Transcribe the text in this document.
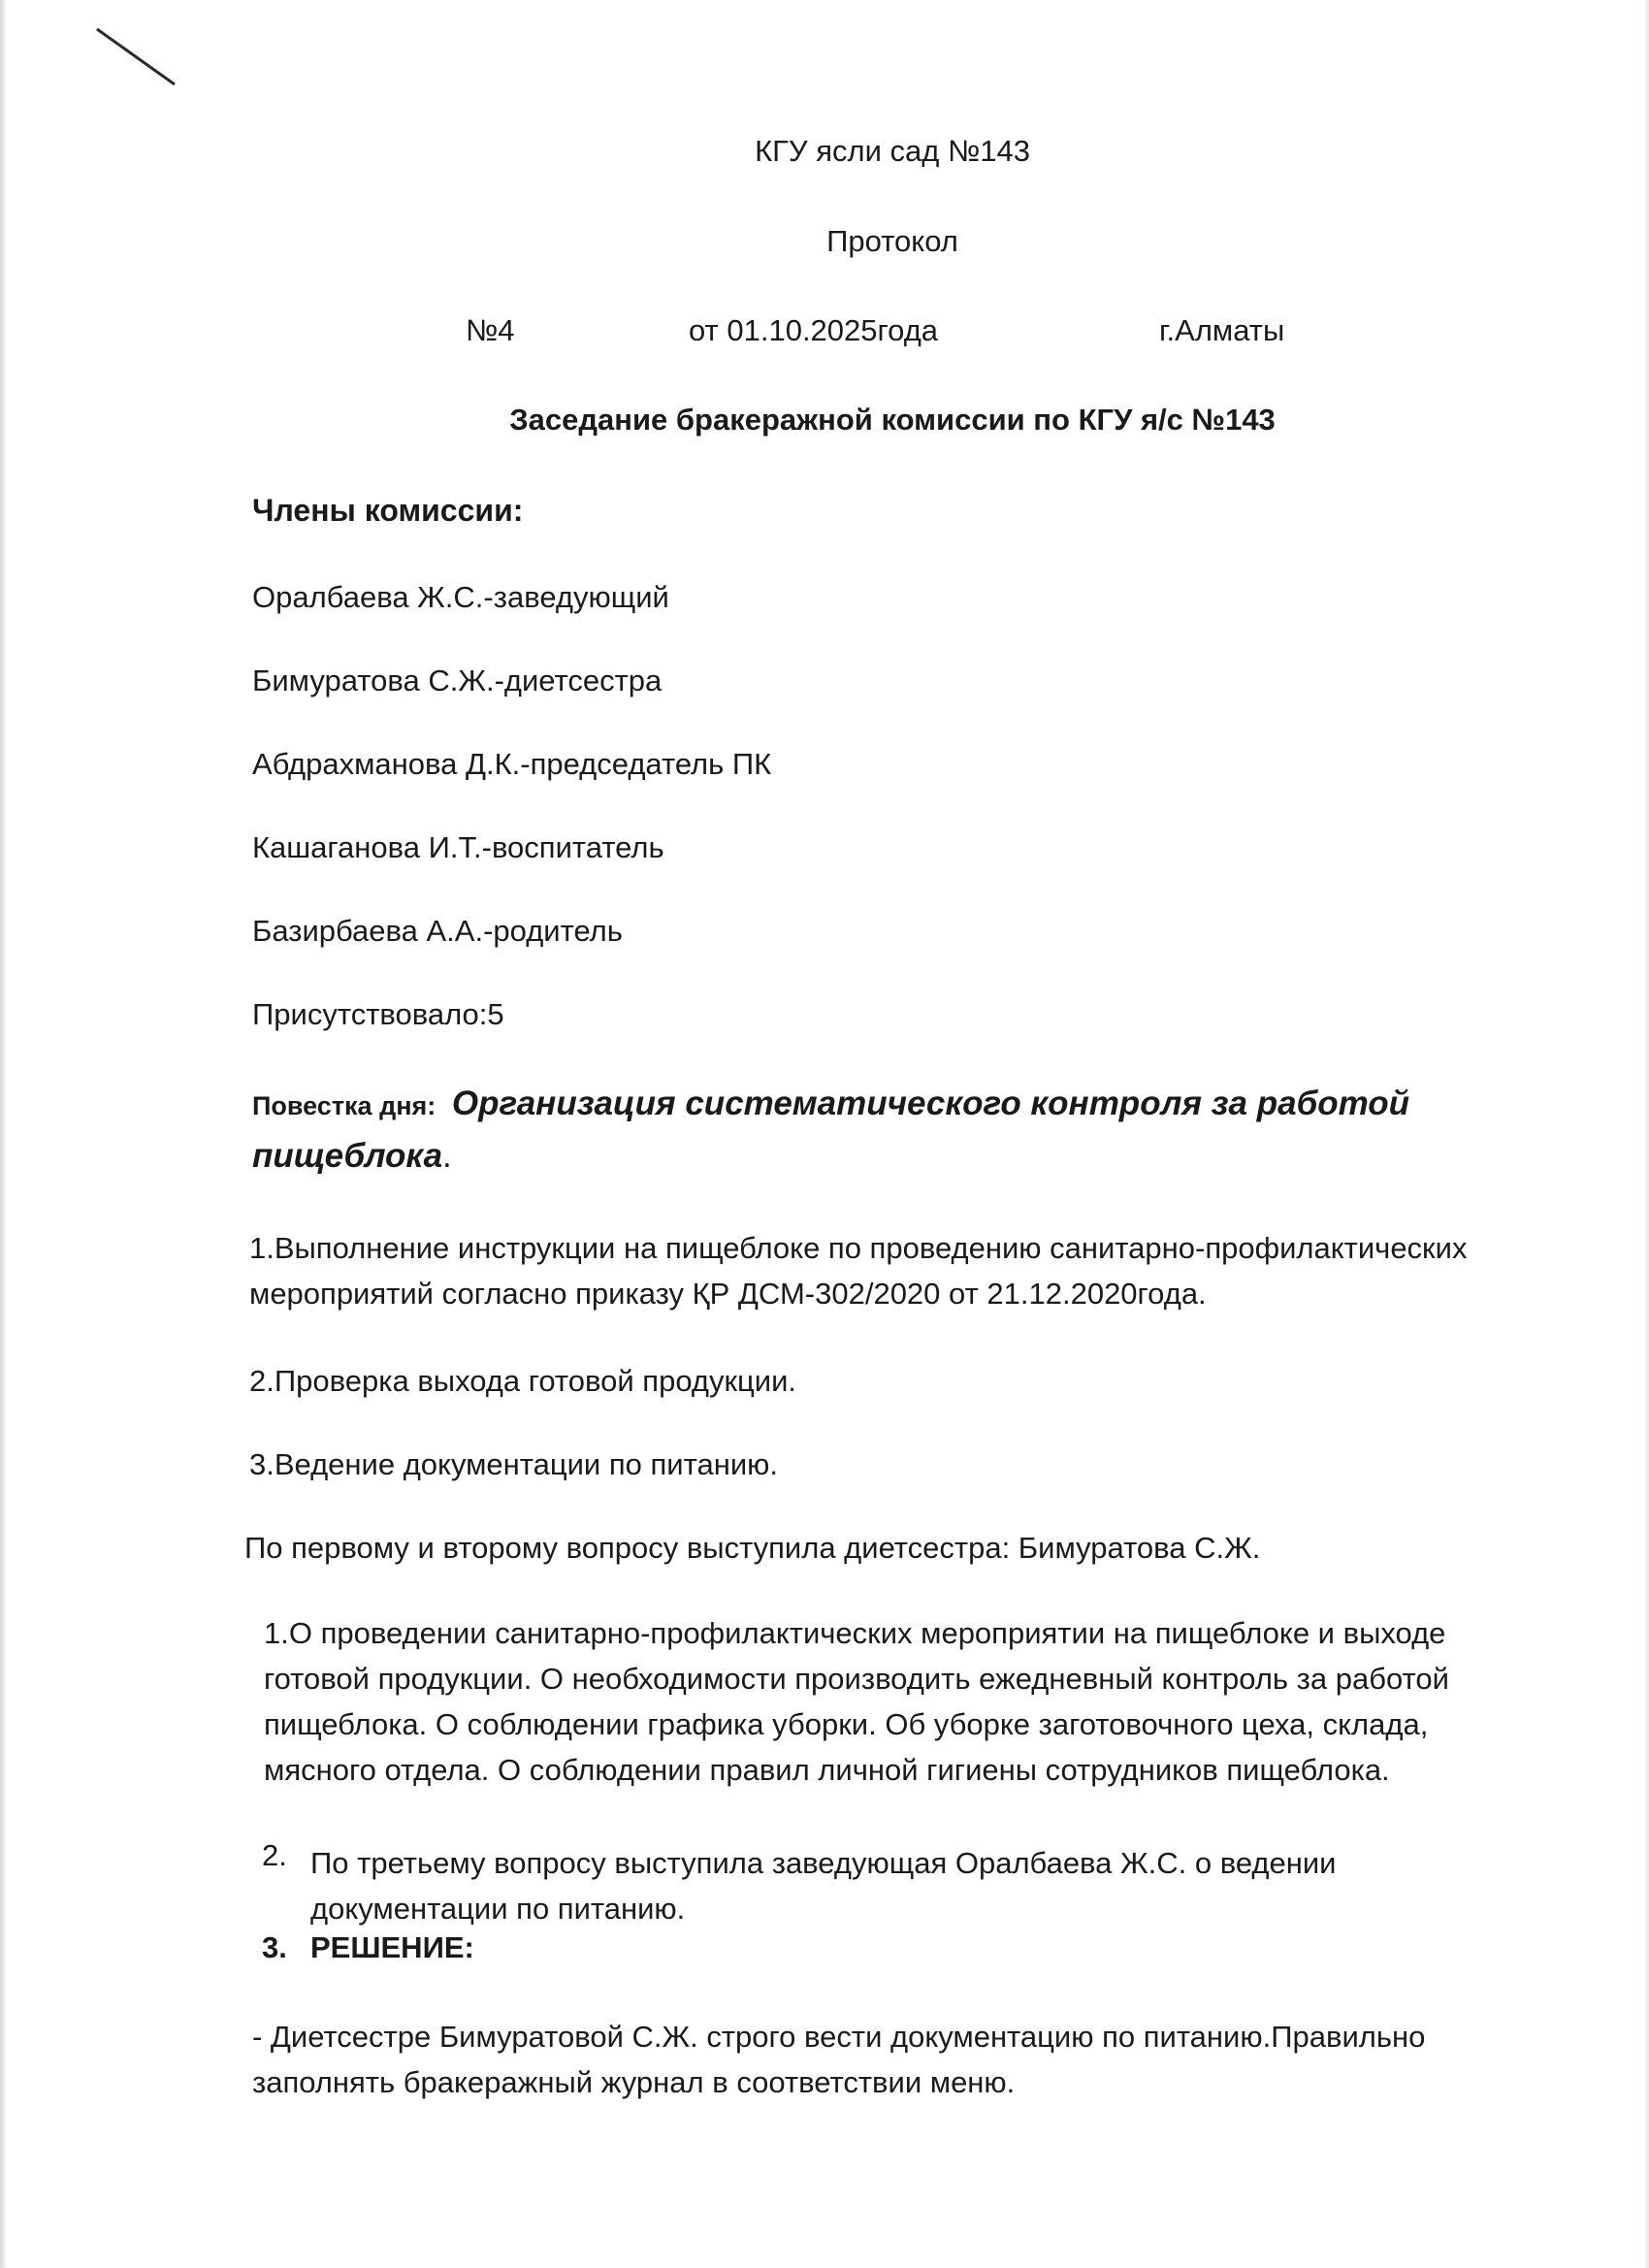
КГУ ясли сад №143
Протокол
№4	от 01.10.2025года	г.Алматы
Заседание бракеражной комиссии по КГУ я/с №143
Члены комиссии:
Оралбаева Ж.С.-заведующий
Бимуратова С.Ж.-диетсестра
Абдрахманова Д.К.-председатель ПК
Кашаганова И.Т.-воспитатель
Базирбаева А.А.-родитель
Присутствовало:5
Повестка дня: Организация систематического контроля за работой
пищеблока.
1.Выполнение инструкции на пищеблоке по проведению санитарно-профилактических мероприятий согласно приказу ҚР ДСМ-302/2020 от 21.12.2020года.
2.Проверка выхода готовой продукции.
3.Ведение документации по питанию.
По первому и второму вопросу выступила диетсестра: Бимуратова С.Ж.
1.О проведении санитарно-профилактических мероприятии на пищеблоке и выходе готовой продукции. О необходимости производить ежедневный контроль за работой пищеблока. О соблюдении графика уборки. Об уборке заготовочного цеха, склада, мясного отдела. О соблюдении правил личной гигиены сотрудников пищеблока.
2. По третьему вопросу выступила заведующая Оралбаева Ж.С. о ведении документации по питанию.
3. РЕШЕНИЕ:
- Диетсестре Бимуратовой С.Ж. строго вести документацию по питанию.Правильно заполнять бракеражный журнал в соответствии меню.
